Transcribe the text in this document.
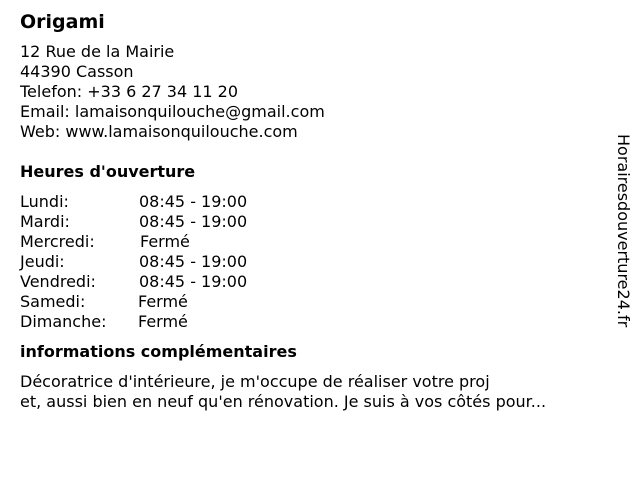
Origami
12 Rue de la Mairie
44390 Casson
Telefon: +33 6 27 34 11 20
Email: lamaisonquilouche@gmail.com
Web: www.lamaisonquilouche.com
Heures d'ouverture
Lundi:	08:45 - 19:00
Mardi:	08:45 - 19:00
Mercredi:	Fermé
Jeudi:	08:45 - 19:00
Vendredi:	08:45 - 19:00
Samedi:	Fermé
Dimanche: Fermé
informations complémentaires
Décoratrice d'intérieure, je m'occupe de réaliser votre proj
et, aussi bien en neuf qu'en rénovation. Je suis à vos côtés pour...
Horairesdouverture24.fr
